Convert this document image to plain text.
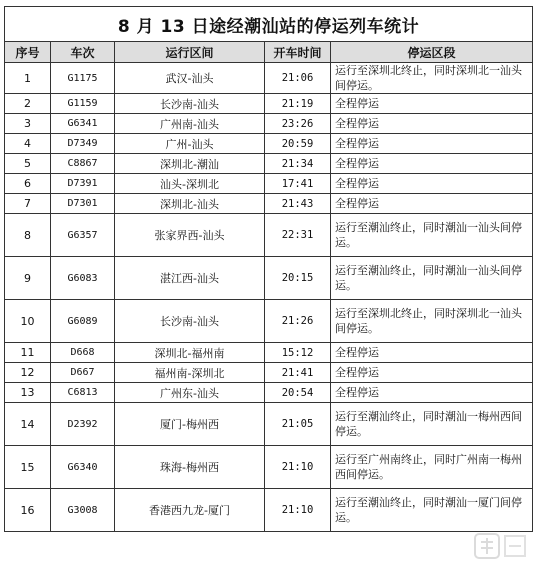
8 月 13 日途经潮汕站的停运列车统计				
序号	车次	运行区间	开车时间	停运区段
1	G1175	武汉-汕头	21:06	运行至深圳北终止，同时深圳北一汕头间停运。
2	G1159	长沙南-汕头	21:19	全程停运
3	G6341	广州南-汕头	23:26	全程停运
4	D7349	广州-汕头	20:59	全程停运
5	C8867	深圳北-潮汕	21:34	全程停运
6	D7391	汕头-深圳北	17:41	全程停运
7	D7301	深圳北-汕头	21:43	全程停运
8	G6357	张家界西-汕头	22:31	运行至潮汕终止，同时潮汕一汕头间停运。
9	G6083	湛江西-汕头	20:15	运行至潮汕终止，同时潮汕一汕头间停运。
10	G6089	长沙南-汕头	21:26	运行至深圳北终止，同时深圳北一汕头间停运。
11	D668	深圳北-福州南	15:12	全程停运
12	D667	福州南-深圳北	21:41	全程停运
13	C6813	广州东-汕头	20:54	全程停运
14	D2392	厦门-梅州西	21:05	运行至潮汕终止，同时潮汕一梅州西间停运。
15	G6340	珠海-梅州西	21:10	运行至广州南终止，同时广州南一梅州西间停运。
16	G3008	香港西九龙-厦门	21:10	运行至潮汕终止，同时潮汕一厦门间停运。
